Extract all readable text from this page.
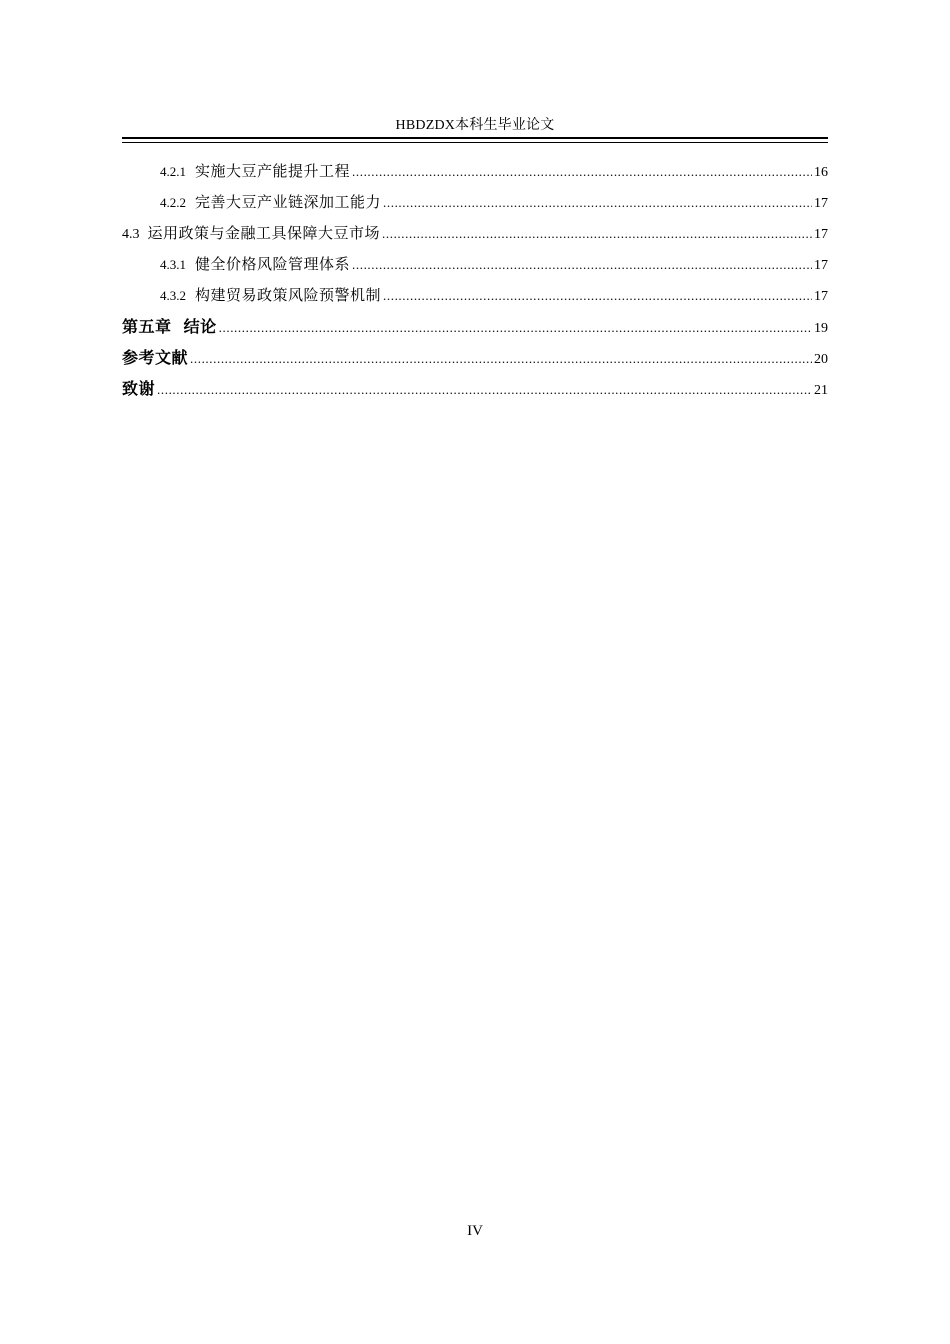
HBDZDX本科生毕业论文
4.2.1 实施大豆产能提升工程 .....	16
4.2.2 完善大豆产业链深加工能力 .....	17
4.3 运用政策与金融工具保障大豆市场 .....	17
4.3.1 健全价格风险管理体系 .....	17
4.3.2 构建贸易政策风险预警机制 .....	17
第五章  结论 .....	19
参考文献 .....	20
致谢 .....	21
IV
